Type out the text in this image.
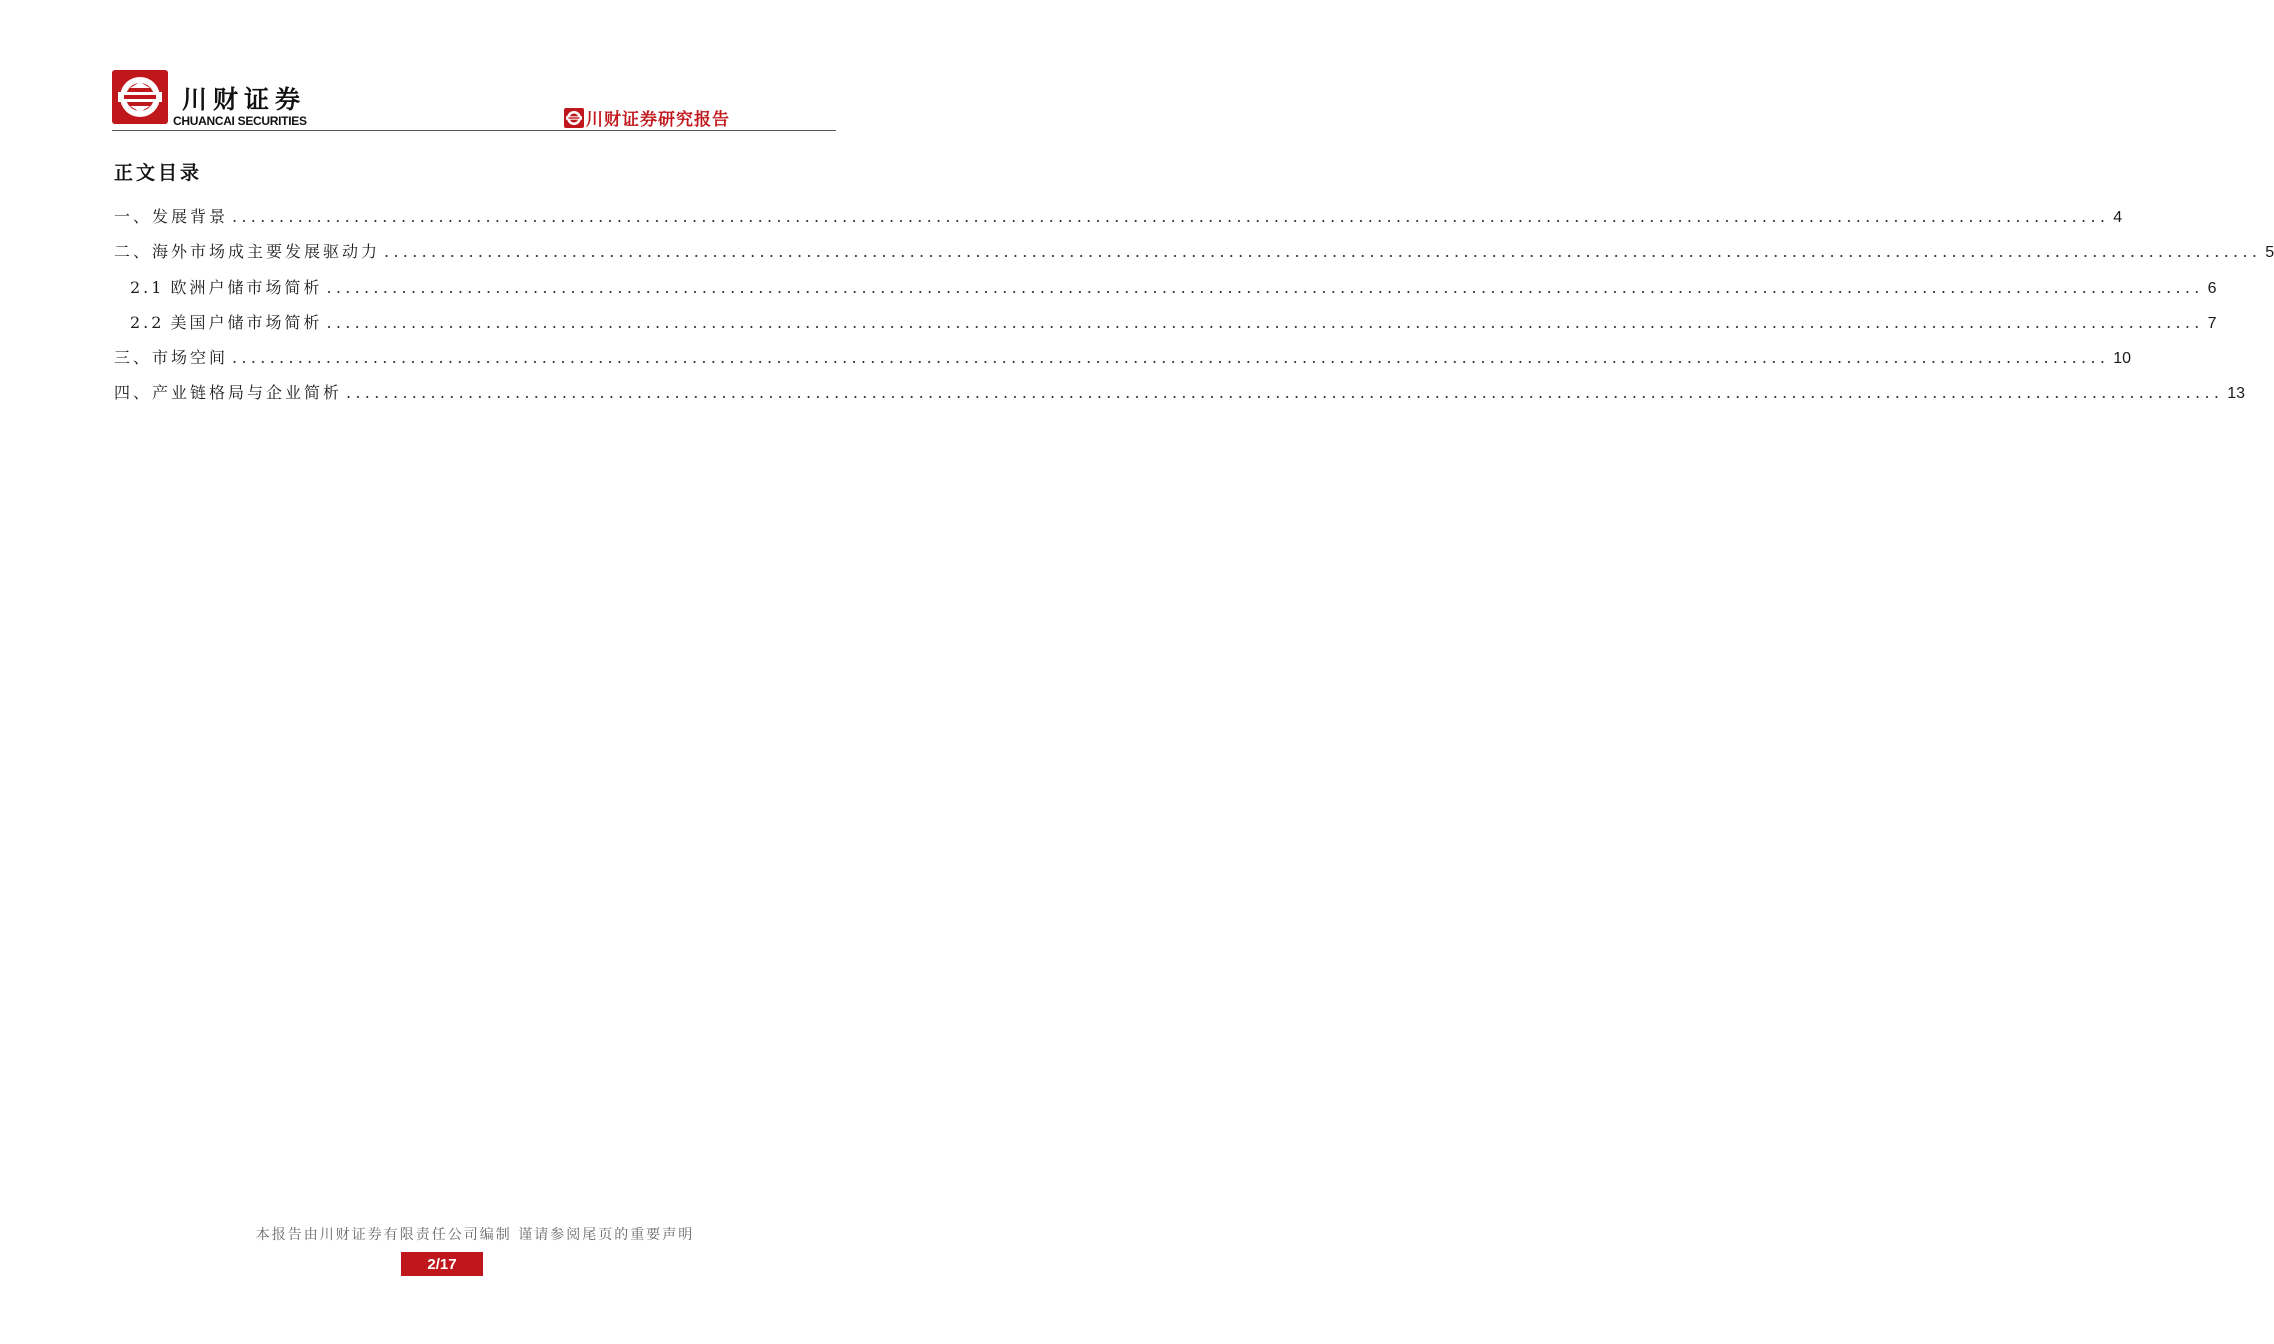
川财证券
CHUANCAI SECURITIES	川财证券研究报告
正文目录
一、 发展背景 ........................................................................................................................................................................................................ 4
二、 海外市场成主要发展驱动力 ........................................................................................................................................................................................................ 5
2.1 欧洲户储市场简析 ........................................................................................................................................................................................................ 6
2.2 美国户储市场简析 ........................................................................................................................................................................................................ 7
三、 市场空间 ........................................................................................................................................................................................................ 10
四、 产业链格局与企业简析 ........................................................................................................................................................................................................ 13
本报告由川财证券有限责任公司编制 谨请参阅尾页的重要声明
2/17
